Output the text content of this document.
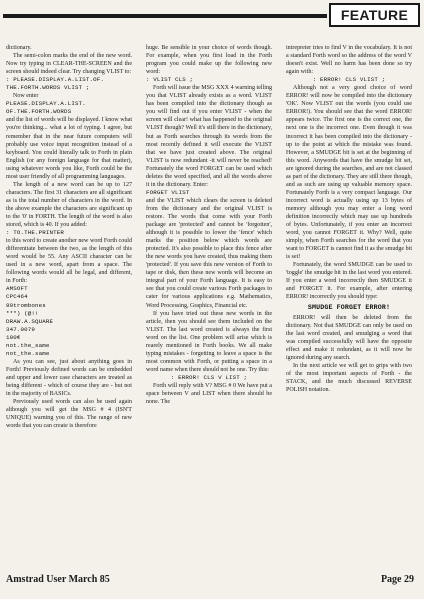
FEATURE

dictionary.

The semi-colon marks the end of the new word. Now try typing in CLEAR-THE-SCREEN and the screen should indeed clear. Try changing VLIST to:

: PLEASE.DISPLAY.A.LIST.OF.
THE.FORTH.WORDS VLIST ;

Now enter

PLEASE.DISPLAY.A.LIST.
OF.THE.FORTH.WORDS

and the list of words will be displayed. I know what you're thinking... what a lot of typing. I agree, but remember that in the near future computers will probably use voice input recognition instead of a keyboard. You could literally talk to Forth in plain English (or any foreign language for that matter), using whatever words you like, Forth could be the most user friendly of all programming languages.

The length of a new word can be up to 127 characters. The first 31 characters are all significant as is the total number of characters in the word. In the above example the characters are significant up to the '0' in FORTH. The length of the word is also stored, which is 40. If you added:

: TO.THE.PRINTER

to this word to create another new word Forth could differentiate between the two, as the length of this word would be 55. Any ASCII character can be used in a new word, apart from a space. The following words would all be legal, and different, in Forth:

AMSOFT
CPC464
99trombones
***) (@!!
DRAW.A.SQUARE
347.0079
100€
not.the_same
not_the.same

As you can see, just about anything goes in Forth! Previously defined words can be embedded and upper and lower case characters are treated as being different - which of course they are - but not in the majority of BASICs.

Previously used words can also be used again although you will get the MSG # 4 (ISN'T UNIQUE) warning you of this. The range of new words that you can create is therefore

huge. Be sensible in your choice of words though. For example, when you first load in the Forth program you could make up the following new word:

: VLIST CLS ;

Forth will issue the MSG XXX 4 warning telling you that VLIST already exists as a word. VLIST has been compiled into the dictionary though as you will find out if you enter VLIST - when the screen will clear! what has happened to the original VLIST though? Well it's still there in the dictionary, but as Forth searches through its words from the most recently defined it will execute the VLIST that we have just created above. The original VLIST is now redundant -it will never be reached! Fortunately the word FORGET can be used which deletes the word specified, and all the words above it in the dictionary. Enter:

FORGET VLIST

and the VLIST which clears the screen is deleted from the dictionary and the original VLIST is restore. The words that come with your Forth package are 'protected' and cannot be 'forgotten', although it is possible to lower the 'fence' which marks the position below which words are protected. It's also possible to place this fence after the new words you have created, thus making them 'protected'. If you save this new version of Forth to tape or disk, then these new words will become an integral part of your Forth language. It is easy to see that you could create various Forth packages to cater for various applications e.g. Mathematics, Word Processing, Graphics, Financial etc.

If you have tried out these new words in the article, then you should see them included on the VLIST. The last word created is always the first word on the list. One problem will arise which is rearely mentioned in Forth books. We all make typing mistakes - forgetting to leave a space is the most common with Forth, or putting a space in a word name when there should not be one. Try this:

: ERROR! CLS V LIST ;

Forth will reply with V? MSG # 0 We have put a space between V and LIST when there should be none. The

intrepreter tries to find V in the vocabulary. It is not a standard Forth word so the address of the word V doesn't exist. Well no harm has been done so try again with:

: ERROR! CLS VLIST ;

Although not a very good choice of word ERROR! will now be compiled into the dictionary 'OK'. Now VLIST out the words (you could use ERROR!). You should see that the word ERROR! appears twice. The first one is the correct one, the next one is the incorrect one. Even though it was incorrect it has been compiled into the dictionary - up to the point at which the mistake was found. However, a SMUDGE bit is set at the beginning of this word. Anywords that have the smudge bit set, are ignored during the searches, and are not classed as part of the dictionary. They are still there though, and as such are using up valuable memory space. Fortunately Forth is a very compact language. Our incorrect word is actually using up 13 bytes of memory although you may enter a long word definition incorrectly which may use up hundreds of bytes. Unfortunately, if you enter an incorrect word, you cannot FORGET it. Why? Well, quite simply, when Forth searches for the word that you want to FORGET is cannot find it as the smudge bit is set!

Fortunately, the word SMUDGE can be used to 'toggle' the smudge bit in the last word you entered. If you enter a word incorrectly then SMUDGE it and FORGET it. For example, after entering ERROR! incorrectly you should type:

SMUDGE FORGET ERROR!

ERROR! will then be deleted from the dictionary. Not that SMUDGE can only be used on the last word created, and smudging a word that was compiled successfully will have the opposite effect and make it redundant, as it will now be ignored during any search.

In the next article we will get to grips with two of the most important aspects of Forth - the STACK, and the much discussed REVERSE POLISH notation.

Amstrad User March 85	Page 29
